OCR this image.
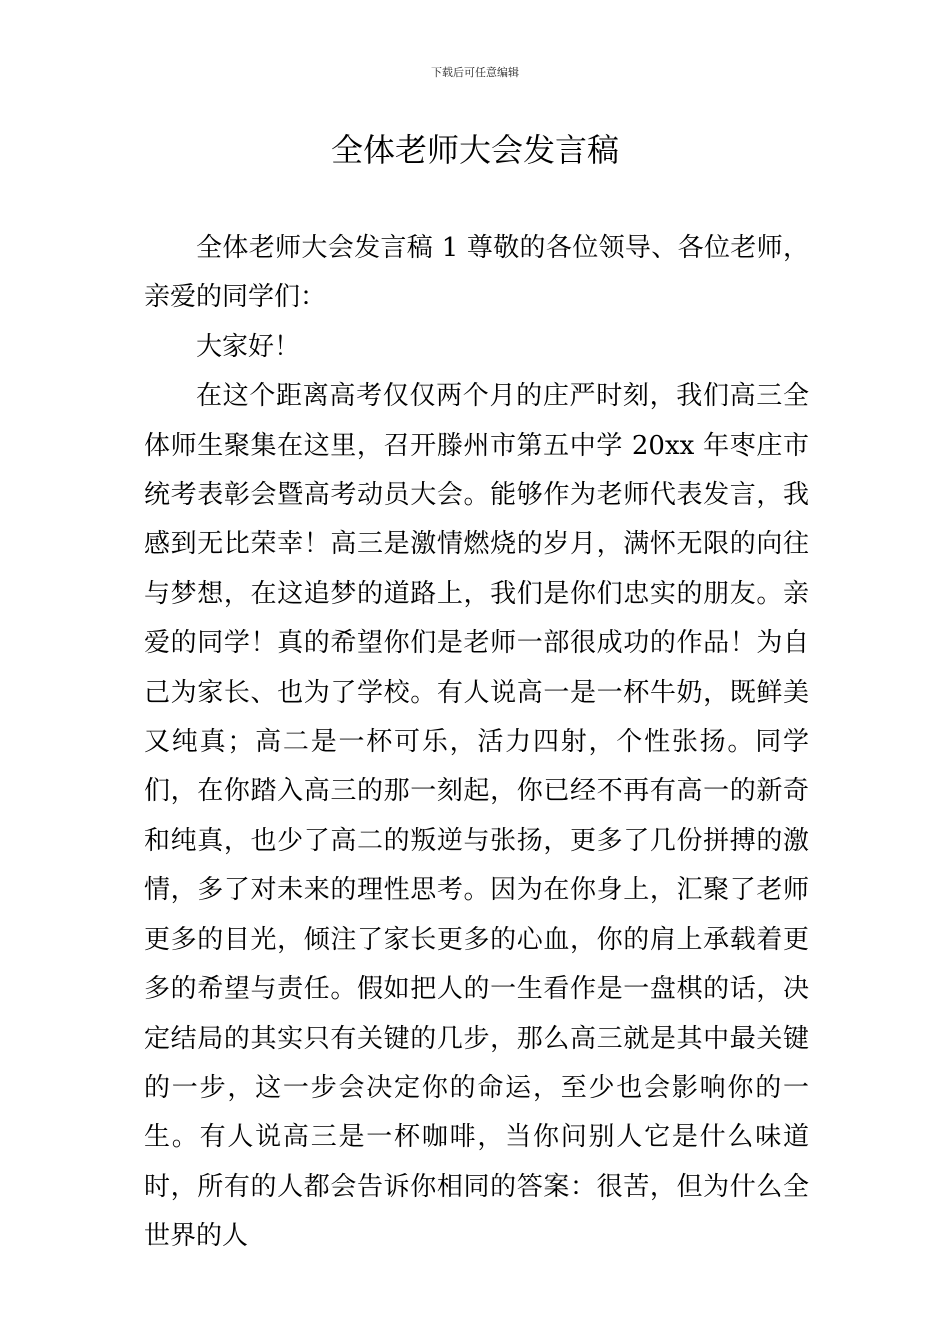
下载后可任意编辑
全体老师大会发言稿

全体老师大会发言稿 1 尊敬的各位领导、各位老师，亲爱的同学们：

大家好！

在这个距离高考仅仅两个月的庄严时刻，我们高三全体师生聚集在这里，召开滕州市第五中学 20xx 年枣庄市统考表彰会暨高考动员大会。能够作为老师代表发言，我感到无比荣幸！高三是激情燃烧的岁月，满怀无限的向往与梦想，在这追梦的道路上，我们是你们忠实的朋友。亲爱的同学！真的希望你们是老师一部很成功的作品！为自己为家长、也为了学校。有人说高一是一杯牛奶，既鲜美又纯真；高二是一杯可乐，活力四射，个性张扬。同学们，在你踏入高三的那一刻起，你已经不再有高一的新奇和纯真，也少了高二的叛逆与张扬，更多了几份拼搏的激情，多了对未来的理性思考。因为在你身上，汇聚了老师更多的目光，倾注了家长更多的心血，你的肩上承载着更多的希望与责任。假如把人的一生看作是一盘棋的话，决定结局的其实只有关键的几步，那么高三就是其中最关键的一步，这一步会决定你的命运，至少也会影响你的一生。有人说高三是一杯咖啡，当你问别人它是什么味道时，所有的人都会告诉你相同的答案：很苦，但为什么全世界的人
